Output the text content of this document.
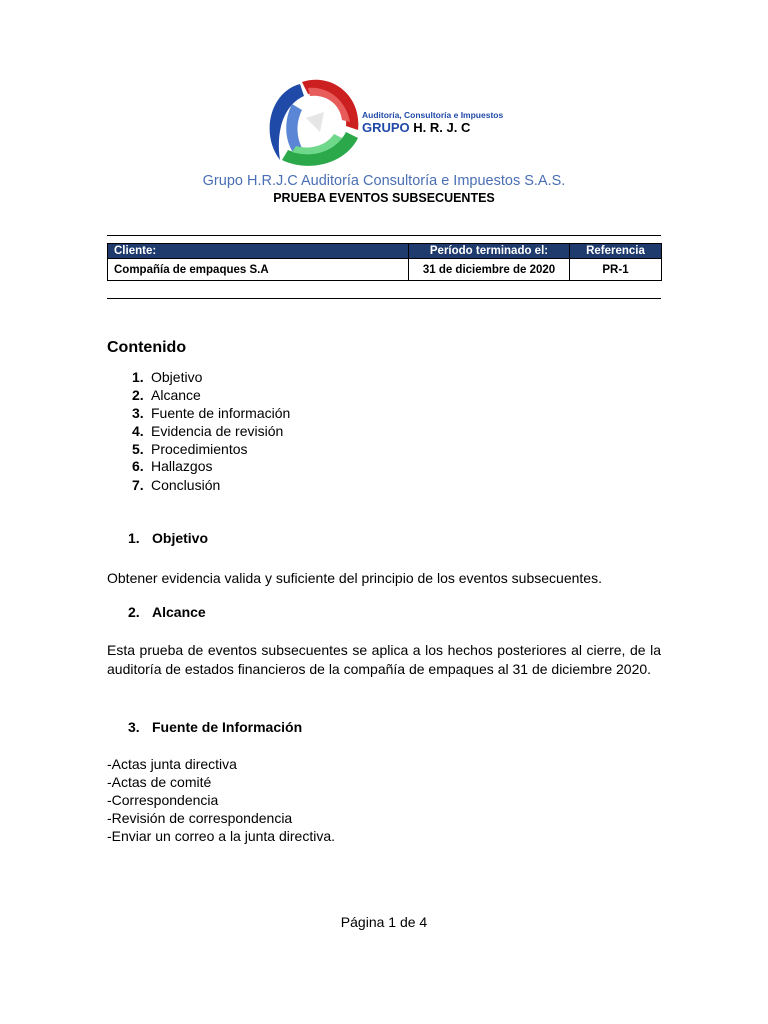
Auditoría, Consultoría e Impuestos
GRUPO H. R. J. C
Grupo H.R.J.C Auditoría Consultoría e Impuestos S.A.S.
PRUEBA EVENTOS SUBSECUENTES
Cliente:	Período terminado el:	Referencia
Compañía de empaques S.A	31 de diciembre de 2020	PR-1
Contenido
1. Objetivo
2. Alcance
3. Fuente de información
4. Evidencia de revisión
5. Procedimientos
6. Hallazgos
7. Conclusión
1. Objetivo
Obtener evidencia valida y suficiente del principio de los eventos subsecuentes.
2. Alcance
Esta prueba de eventos subsecuentes se aplica a los hechos posteriores al cierre, de la auditoría de estados financieros de la compañía de empaques al 31 de diciembre 2020.
3. Fuente de Información
-Actas junta directiva
-Actas de comité
-Correspondencia
-Revisión de correspondencia
-Enviar un correo a la junta directiva.
Página 1 de 4
